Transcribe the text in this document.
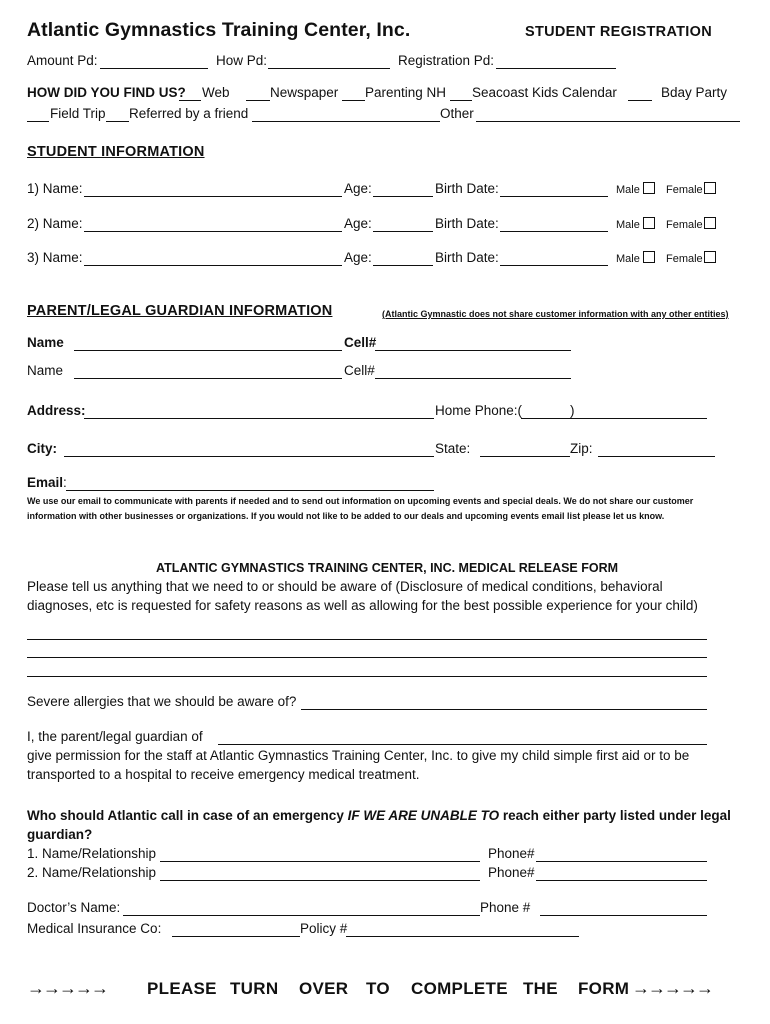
Atlantic Gymnastics Training Center, Inc.	STUDENT REGISTRATION
Amount Pd:	How Pd:	Registration Pd:
HOW DID YOU FIND US? Web	Newspaper Parenting NH Seacoast Kids Calendar	Bday Party
Field Trip Referred by a friend	Other
STUDENT INFORMATION
1) Name:	Age:	Birth Date:	Male	Female
2) Name:	Age:	Birth Date:	Male	Female
3) Name:	Age:	Birth Date:	Male	Female
PARENT/LEGAL GUARDIAN INFORMATION	(Atlantic Gymnastic does not share customer information with any other entities)
Name	Cell#
Name	Cell#
Address:	Home Phone:(	)
City:	State:	Zip:
Email:
We use our email to communicate with parents if needed and to send out information on upcoming events and special deals. We do not share our customer information with other businesses or organizations. If you would not like to be added to our deals and upcoming events email list please let us know.
ATLANTIC GYMNASTICS TRAINING CENTER, INC. MEDICAL RELEASE FORM
Please tell us anything that we need to or should be aware of (Disclosure of medical conditions, behavioral
diagnoses, etc is requested for safety reasons as well as allowing for the best possible experience for your child)
Severe allergies that we should be aware of?
I, the parent/legal guardian of
give permission for the staff at Atlantic Gymnastics Training Center, Inc. to give my child simple first aid or to be
transported to a hospital to receive emergency medical treatment.
Who should Atlantic call in case of an emergency IF WE ARE UNABLE TO reach either party listed under legal
guardian?
1. Name/Relationship	Phone#
2. Name/Relationship	Phone#
Doctor’s Name:	Phone #
Medical Insurance Co:	Policy #
→→→→→ PLEASE TURN OVER TO COMPLETE THE FORM →→→→→
